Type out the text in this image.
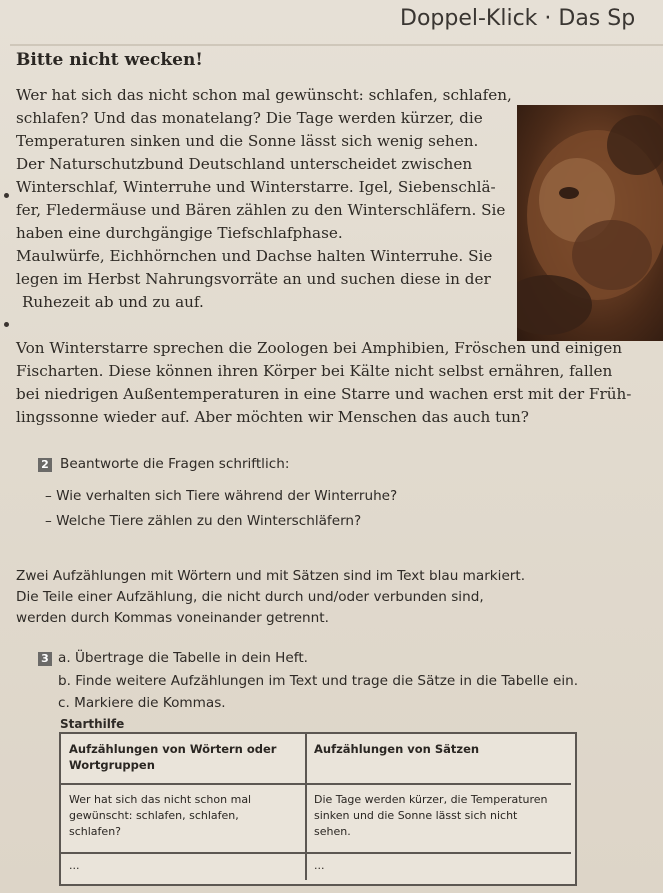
Doppel-Klick · Das Sp
Bitte nicht wecken!
Wer hat sich das nicht schon mal gewünscht: schlafen, schlafen,
schlafen? Und das monatelang? Die Tage werden kürzer, die
Temperaturen sinken und die Sonne lässt sich wenig sehen.
Der Naturschutzbund Deutschland unterscheidet zwischen
Winterschlaf, Winterruhe und Winterstarre. Igel, Siebenschlä-
fer, Fledermäuse und Bären zählen zu den Winterschläfern. Sie
haben eine durchgängige Tiefschlafphase.
Maulwürfe, Eichhörnchen und Dachse halten Winterruhe. Sie
legen im Herbst Nahrungsvorräte an und suchen diese in der
Ruhezeit ab und zu auf.
Von Winterstarre sprechen die Zoologen bei Amphibien, Fröschen und einigen
Fischarten. Diese können ihren Körper bei Kälte nicht selbst ernähren, fallen
bei niedrigen Außentemperaturen in eine Starre und wachen erst mit der Früh-
lingssonne wieder auf. Aber möchten wir Menschen das auch tun?
2 Beantworte die Fragen schriftlich:
– Wie verhalten sich Tiere während der Winterruhe?
– Welche Tiere zählen zu den Winterschläfern?
Zwei Aufzählungen mit Wörtern und mit Sätzen sind im Text blau markiert.
Die Teile einer Aufzählung, die nicht durch und/oder verbunden sind,
werden durch Kommas voneinander getrennt.
3 a. Übertrage die Tabelle in dein Heft.
b. Finde weitere Aufzählungen im Text und trage die Sätze in die Tabelle ein.
c. Markiere die Kommas.
Starthilfe
Aufzählungen von Wörtern oder
Wortgruppen
Aufzählungen von Sätzen
Wer hat sich das nicht schon mal
gewünscht: schlafen, schlafen,
schlafen?
Die Tage werden kürzer, die Temperaturen
sinken und die Sonne lässt sich nicht
sehen.
...	...
